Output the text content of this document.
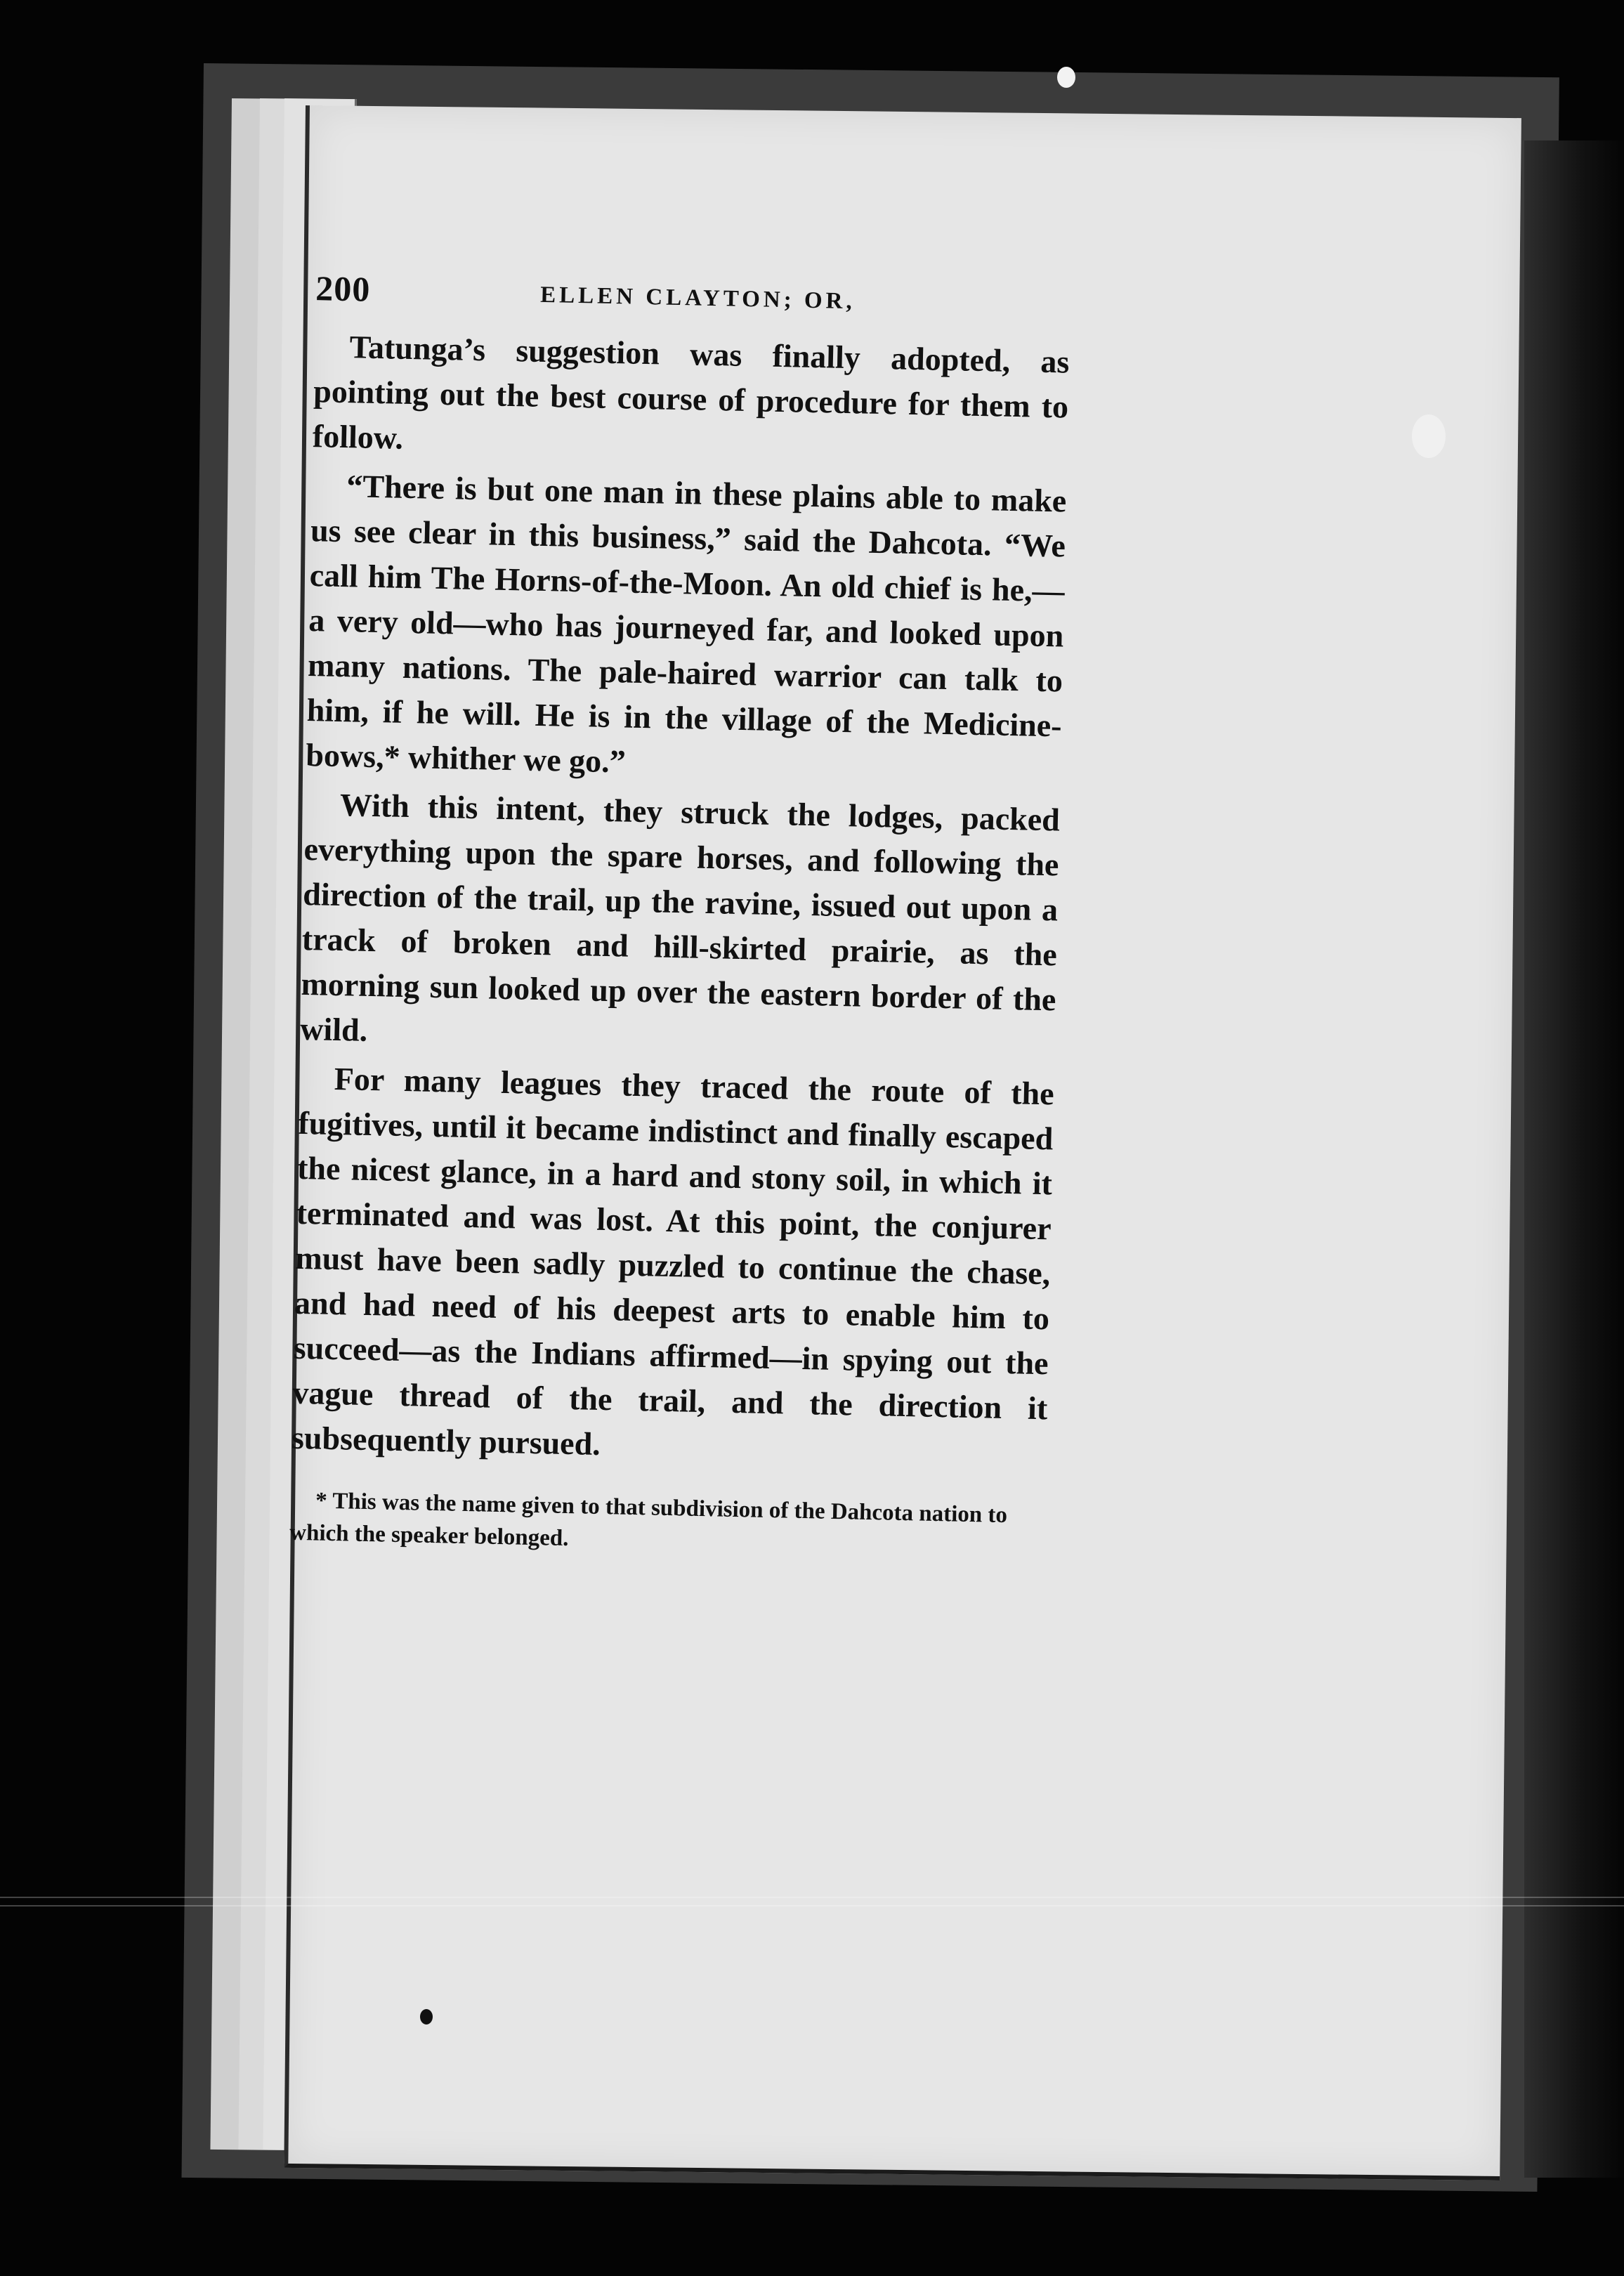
200	ELLEN CLAYTON; OR,

Tatunga’s suggestion was finally adopted, as pointing out the best course of procedure for them to follow.

“There is but one man in these plains able to make us see clear in this business,” said the Dahcota. “We call him The Horns-of-the-Moon. An old chief is he,—a very old—who has journeyed far, and looked upon many nations. The pale-haired warrior can talk to him, if he will. He is in the village of the Medicine-bows,* whither we go.”

With this intent, they struck the lodges, packed everything upon the spare horses, and following the direction of the trail, up the ravine, issued out upon a track of broken and hill-skirted prairie, as the morning sun looked up over the eastern border of the wild.

For many leagues they traced the route of the fugitives, until it became indistinct and finally escaped the nicest glance, in a hard and stony soil, in which it terminated and was lost. At this point, the conjurer must have been sadly puzzled to continue the chase, and had need of his deepest arts to enable him to succeed—as the Indians affirmed—in spying out the vague thread of the trail, and the direction it subsequently pursued.

* This was the name given to that subdivision of the Dahcota nation to which the speaker belonged.
